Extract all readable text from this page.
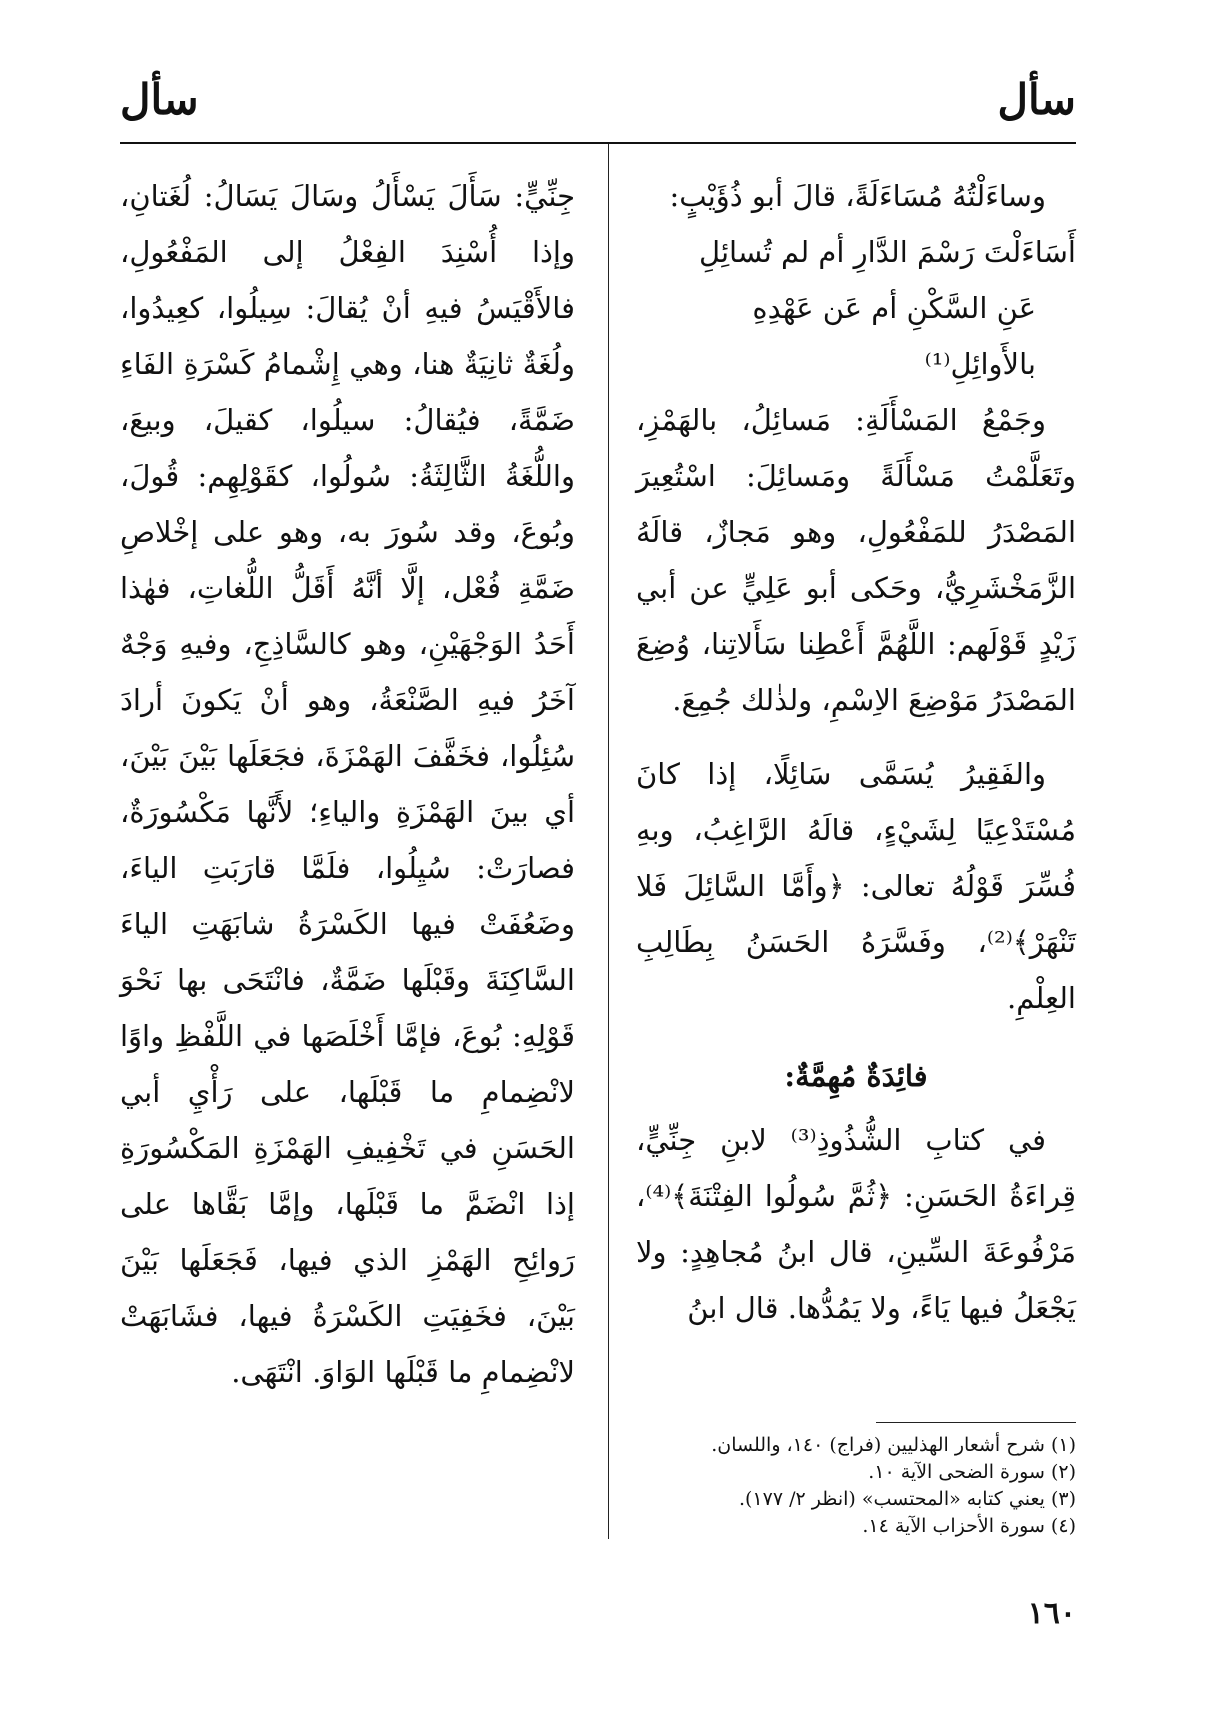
سأل
سأل

وساءَلْتُهُ مُسَاءَلَةً، قالَ أبو ذُؤَيْبٍ:

أَسَاءَلْتَ رَسْمَ الدَّارِ أم لم تُسائِلِ

عَنِ السَّكْنِ أم عَن عَهْدِهِ بالأَوائِلِ⁽¹⁾

وجَمْعُ المَسْأَلَةِ: مَسائِلُ، بالهَمْزِ، وتَعَلَّمْتُ مَسْأَلَةً ومَسائِلَ: اسْتُعِيرَ المَصْدَرُ للمَفْعُولِ، وهو مَجازٌ، قالَهُ الزَّمَخْشَرِيُّ، وحَكى أبو عَلِيٍّ عن أبي زَيْدٍ قَوْلَهم: اللَّهُمَّ أَعْطِنا سَأَلاتِنا، وُضِعَ المَصْدَرُ مَوْضِعَ الاِسْمِ، ولذٰلك جُمِعَ.

والفَقِيرُ يُسَمَّى سَائِلًا، إذا كانَ مُسْتَدْعِيًا لِشَيْءٍ، قالَهُ الرَّاغِبُ، وبهِ فُسِّرَ قَوْلُهُ تعالى: ﴿وأَمَّا السَّائِلَ فَلا تَنْهَرْ﴾⁽²⁾، وفَسَّرَهُ الحَسَنُ بِطَالِبِ العِلْمِ.

فائِدَةٌ مُهِمَّةٌ:

في كتابِ الشُّذُوذِ⁽³⁾ لابنِ جِنِّيٍّ، قِراءَةُ الحَسَنِ: ﴿ثُمَّ سُولُوا الفِتْنَةَ﴾⁽⁴⁾، مَرْفُوعَةَ السِّينِ، قال ابنُ مُجاهِدٍ: ولا يَجْعَلُ فيها يَاءً، ولا يَمُدُّها. قال ابنُ

جِنِّيٍّ: سَأَلَ يَسْأَلُ وسَالَ يَسَالُ: لُغَتانِ، وإذا أُسْنِدَ الفِعْلُ إلى المَفْعُولِ، فالأَقْيَسُ فيهِ أنْ يُقالَ: سِيلُوا، كعِيدُوا، ولُغَةٌ ثانِيَةٌ هنا، وهي إِشْمامُ كَسْرَةِ الفَاءِ ضَمَّةً، فيُقالُ: سيلُوا، كقيلَ، وبيعَ، واللُّغَةُ الثَّالِثَةُ: سُولُوا، كقَوْلِهِم: قُولَ، وبُوعَ، وقد سُورَ به، وهو على إخْلاصِ ضَمَّةِ فُعْل، إلَّا أنَّهُ أَقَلُّ اللُّغاتِ، فهٰذا أَحَدُ الوَجْهَيْنِ، وهو كالسَّاذِجِ، وفيهِ وَجْهٌ آخَرُ فيهِ الصَّنْعَةُ، وهو أنْ يَكونَ أرادَ سُئِلُوا، فخَفَّفَ الهَمْزَةَ، فجَعَلَها بَيْنَ بَيْنَ، أي بينَ الهَمْزَةِ والياءِ؛ لأَنَّها مَكْسُورَةٌ، فصارَتْ: سُيِلُوا، فلَمَّا قارَبَتِ الياءَ، وضَعُفَتْ فيها الكَسْرَةُ شابَهَتِ الياءَ السَّاكِنَةَ وقَبْلَها ضَمَّةٌ، فانْتَحَى بها نَحْوَ قَوْلِهِ: بُوعَ، فإمَّا أَخْلَصَها في اللَّفْظِ واوًا لانْضِمامِ ما قَبْلَها، على رَأْيِ أبي الحَسَنِ في تَخْفِيفِ الهَمْزَةِ المَكْسُورَةِ إذا انْضَمَّ ما قَبْلَها، وإمَّا بَقَّاها على رَوائِحِ الهَمْزِ الذي فيها، فَجَعَلَها بَيْنَ بَيْنَ، فخَفِيَتِ الكَسْرَةُ فيها، فشَابَهَتْ لانْضِمامِ ما قَبْلَها الوَاوَ. انْتَهَى.

(١) شرح أشعار الهذليين (فراج) ١٤٠، واللسان.

(٢) سورة الضحى الآية ١٠.

(٣) يعني كتابه «المحتسب» (انظر ٢/ ١٧٧).

(٤) سورة الأحزاب الآية ١٤.

١٦٠
